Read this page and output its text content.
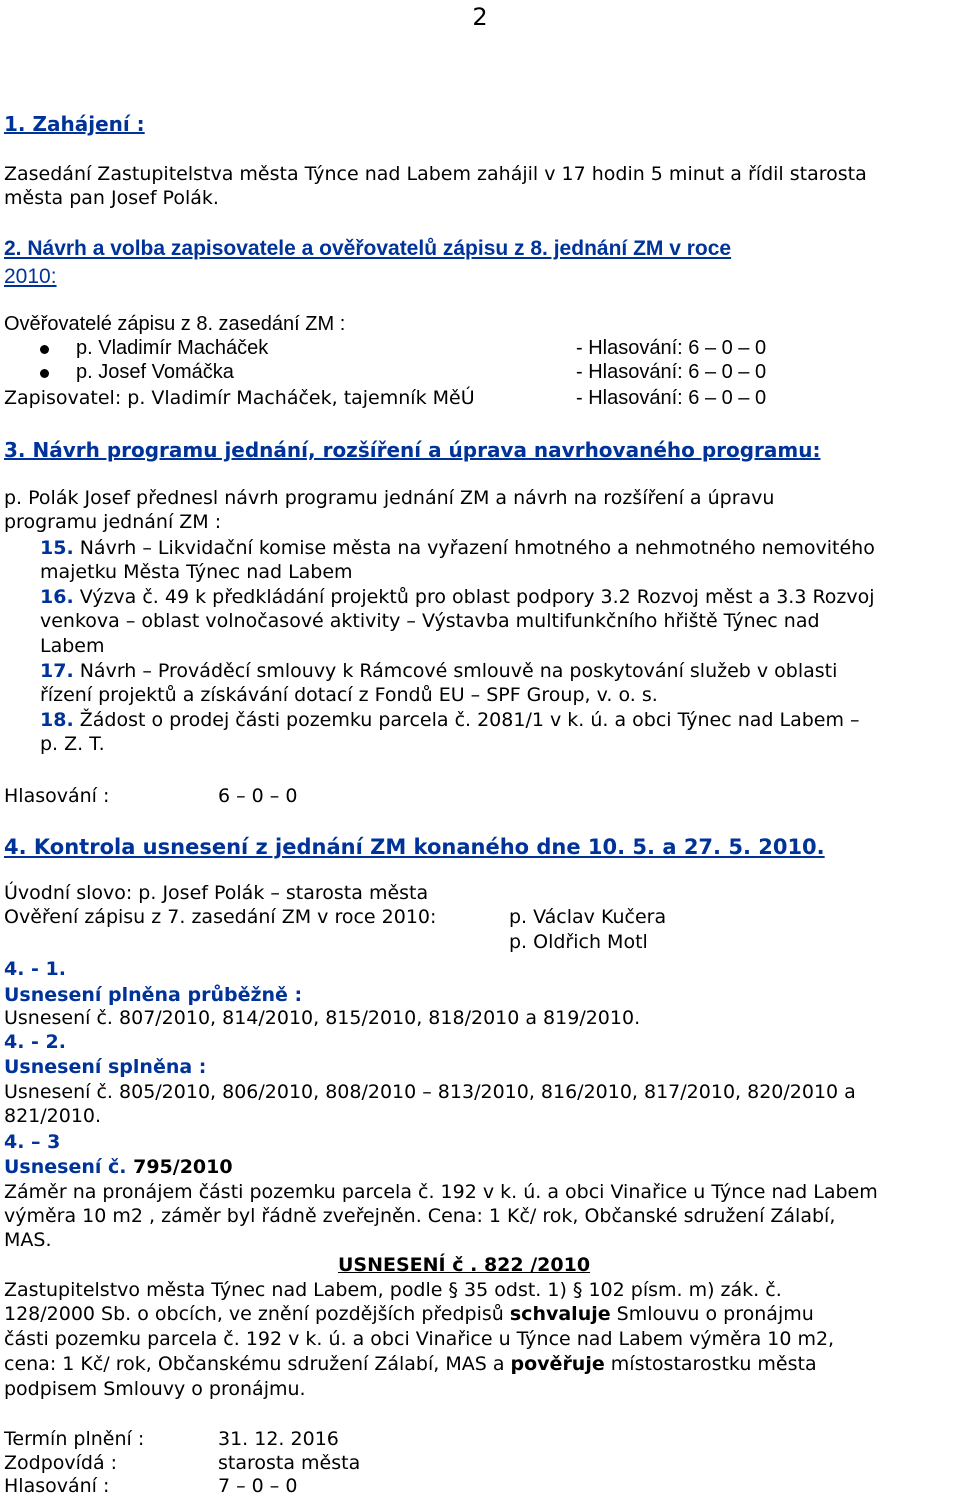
2
1. Zahájení :
Zasedání Zastupitelstva města Týnce nad Labem zahájil v 17 hodin 5 minut a řídil starosta
města pan Josef Polák.
2. Návrh a volba zapisovatele a ověřovatelů zápisu z 8. jednání ZM v roce
2010:
Ověřovatelé zápisu z 8. zasedání ZM :
p. Vladimír Macháček	- Hlasování: 6 – 0 – 0
p. Josef Vomáčka	- Hlasování: 6 – 0 – 0
Zapisovatel: p. Vladimír Macháček, tajemník MěÚ	- Hlasování: 6 – 0 – 0
3. Návrh programu jednání, rozšíření a úprava navrhovaného programu:
p. Polák Josef přednesl návrh programu jednání ZM a návrh na rozšíření a úpravu
programu jednání ZM :
15. Návrh – Likvidační komise města na vyřazení hmotného a nehmotného nemovitého
majetku Města Týnec nad Labem
16. Výzva č. 49 k předkládání projektů pro oblast podpory 3.2 Rozvoj měst a 3.3 Rozvoj
venkova – oblast volnočasové aktivity – Výstavba multifunkčního hřiště Týnec nad
Labem
17. Návrh – Prováděcí smlouvy k Rámcové smlouvě na poskytování služeb v oblasti
řízení projektů a získávání dotací z Fondů EU – SPF Group, v. o. s.
18. Žádost o prodej části pozemku parcela č. 2081/1 v k. ú. a obci Týnec nad Labem –
p. Z. T.
Hlasování :	6 – 0 – 0
4. Kontrola usnesení z jednání ZM konaného dne 10. 5. a 27. 5. 2010.
Úvodní slovo: p. Josef Polák – starosta města
Ověření zápisu z 7. zasedání ZM v roce 2010:	p. Václav Kučera
p. Oldřich Motl
4. - 1.
Usnesení plněna průběžně :
Usnesení č. 807/2010, 814/2010, 815/2010, 818/2010 a 819/2010.
4. - 2.
Usnesení splněna :
Usnesení č. 805/2010, 806/2010, 808/2010 – 813/2010, 816/2010, 817/2010, 820/2010 a
821/2010.
4. – 3
Usnesení č. 795/2010
Záměr na pronájem části pozemku parcela č. 192 v k. ú. a obci Vinařice u Týnce nad Labem
výměra 10 m2 , záměr byl řádně zveřejněn. Cena: 1 Kč/ rok, Občanské sdružení Zálabí,
MAS.
USNESENÍ č . 822 /2010
Zastupitelstvo města Týnec nad Labem, podle § 35 odst. 1) § 102 písm. m) zák. č.
128/2000 Sb. o obcích, ve znění pozdějších předpisů schvaluje Smlouvu o pronájmu
části pozemku parcela č. 192 v k. ú. a obci Vinařice u Týnce nad Labem výměra 10 m2,
cena: 1 Kč/ rok, Občanskému sdružení Zálabí, MAS a pověřuje místostarostku města
podpisem Smlouvy o pronájmu.
Termín plnění :	31. 12. 2016
Zodpovídá :	starosta města
Hlasování :	7 – 0 – 0
